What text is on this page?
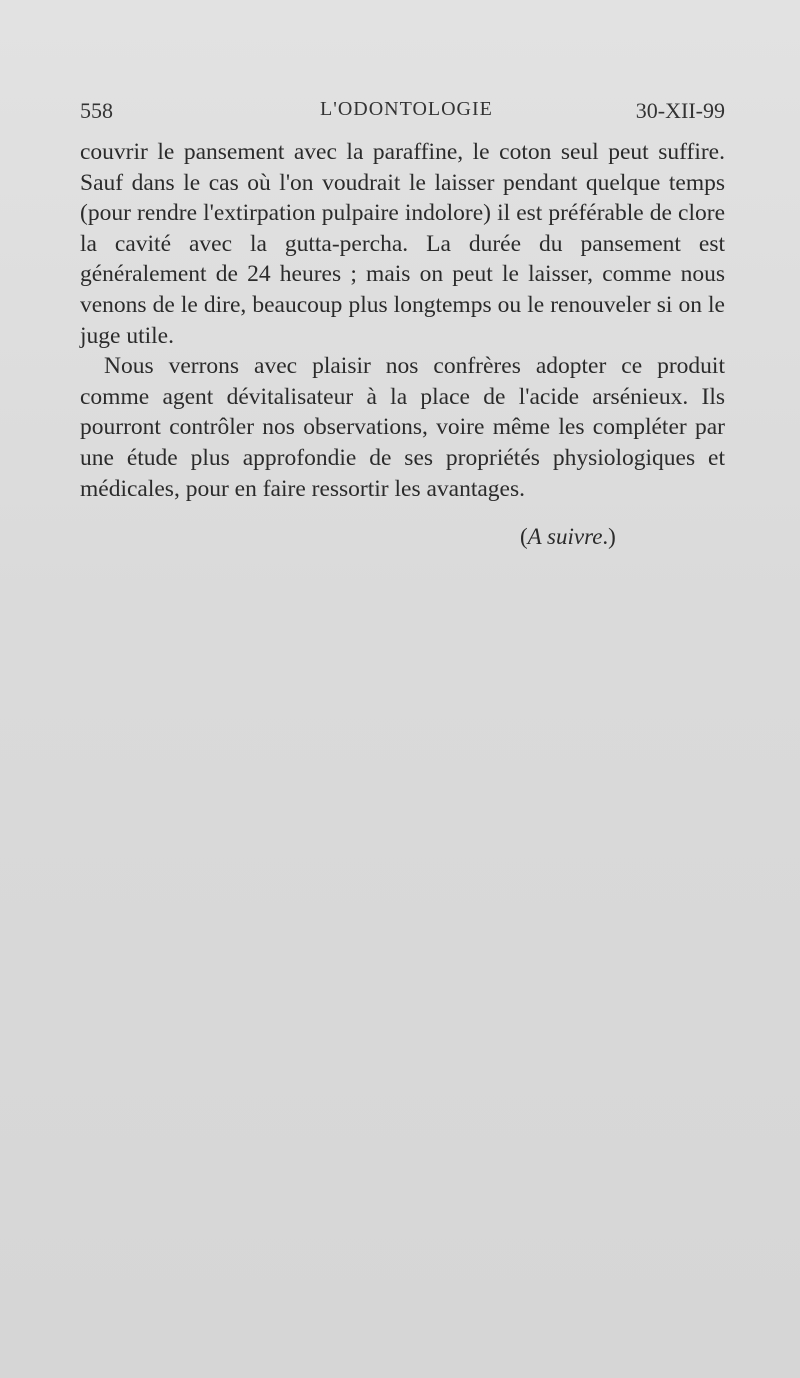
558	L'ODONTOLOGIE	30-XII-99

couvrir le pansement avec la paraffine, le coton seul peut suffire. Sauf dans le cas où l'on voudrait le laisser pendant quelque temps (pour rendre l'extirpation pulpaire indolore) il est préférable de clore la cavité avec la gutta-percha. La durée du pansement est généralement de 24 heures ; mais on peut le laisser, comme nous venons de le dire, beaucoup plus longtemps ou le renouveler si on le juge utile.

Nous verrons avec plaisir nos confrères adopter ce produit comme agent dévitalisateur à la place de l'acide arsénieux. Ils pourront contrôler nos observations, voire même les compléter par une étude plus approfondie de ses propriétés physiologiques et médicales, pour en faire ressortir les avantages.

(A suivre.)
